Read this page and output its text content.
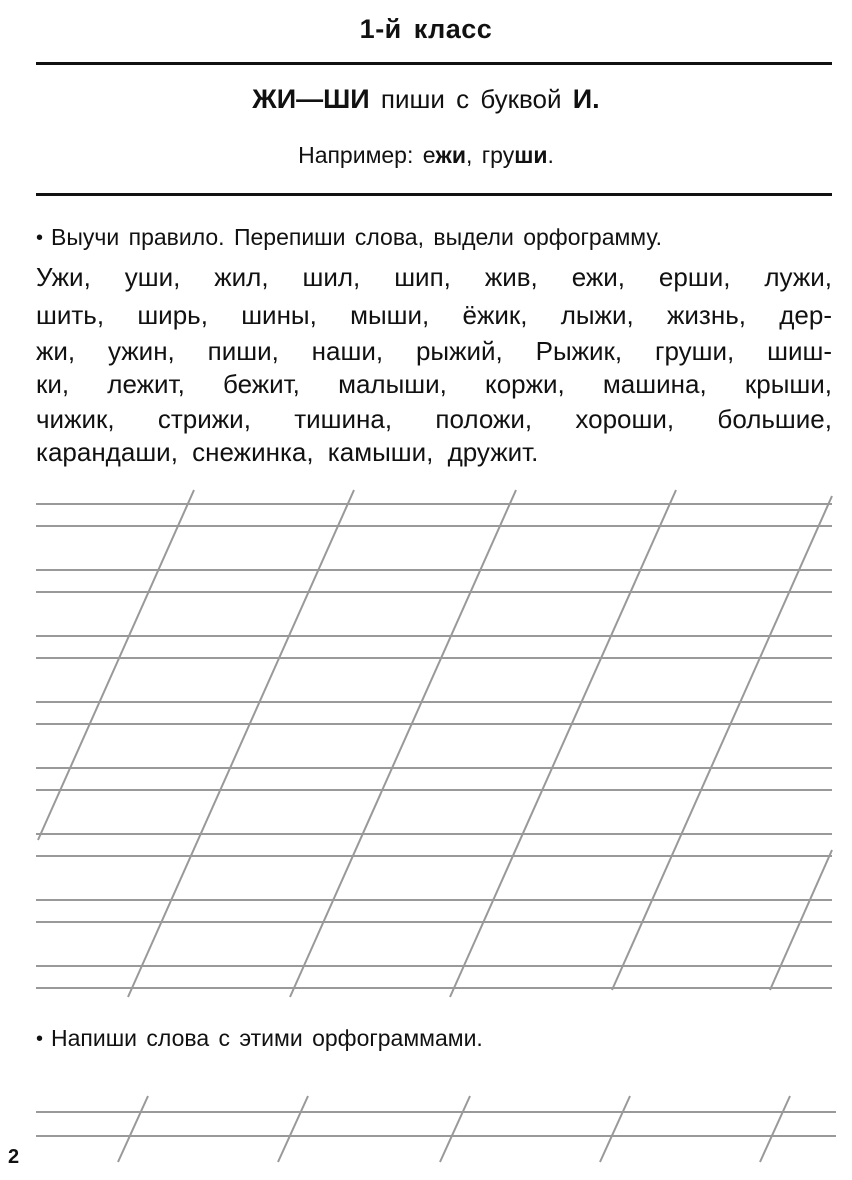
1-й класс
ЖИ—ШИ пиши с буквой И.
Например: ежи, груши.
• Выучи правило. Перепиши слова, выдели орфограмму.
Ужи, уши, жил, шил, шип, жив, ежи, ерши, лужи,
шить, ширь, шины, мыши, ёжик, лыжи, жизнь, дер-
жи, ужин, пиши, наши, рыжий, Рыжик, груши, шиш-
ки, лежит, бежит, малыши, коржи, машина, крыши,
чижик, стрижи, тишина, положи, хороши, большие,
карандаши, снежинка, камыши, дружит.
• Напиши слова с этими орфограммами.
2
